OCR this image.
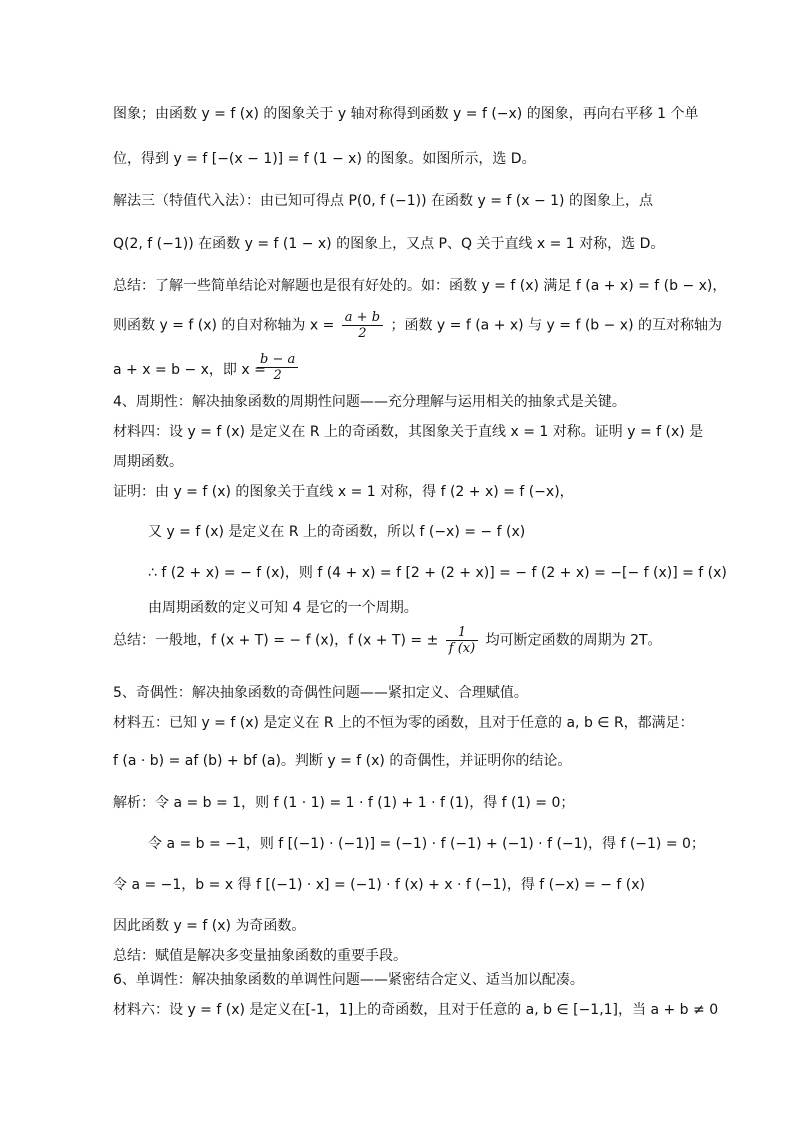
图象；由函数 y = f (x) 的图象关于 y 轴对称得到函数 y = f (−x) 的图象，再向右平移 1 个单
位，得到 y = f [−(x − 1)] = f (1 − x) 的图象。如图所示，选 D。
解法三（特值代入法）：由已知可得点 P(0, f (−1)) 在函数 y = f (x − 1) 的图象上，点
Q(2, f (−1)) 在函数 y = f (1 − x) 的图象上，又点 P、Q 关于直线 x = 1 对称，选 D。
总结：了解一些简单结论对解题也是很有好处的。如：函数 y = f (x) 满足 f (a + x) = f (b − x)，
a + x = b − x，即 x =
4、周期性：解决抽象函数的周期性问题——充分理解与运用相关的抽象式是关键。
材料四：设 y = f (x) 是定义在 R 上的奇函数，其图象关于直线 x = 1 对称。证明 y = f (x) 是
周期函数。
证明：由 y = f (x) 的图象关于直线 x = 1 对称，得 f (2 + x) = f (−x)，
又 y = f (x) 是定义在 R 上的奇函数，所以 f (−x) = − f (x)
∴ f (2 + x) = − f (x)，则 f (4 + x) = f [2 + (2 + x)] = − f (2 + x) = −[− f (x)] = f (x)
由周期函数的定义可知 4 是它的一个周期。
5、奇偶性：解决抽象函数的奇偶性问题——紧扣定义、合理赋值。
材料五：已知 y = f (x) 是定义在 R 上的不恒为零的函数，且对于任意的 a, b ∈ R，都满足：
f (a · b) = af (b) + bf (a)。判断 y = f (x) 的奇偶性，并证明你的结论。
解析：令 a = b = 1，则 f (1 · 1) = 1 · f (1) + 1 · f (1)，得 f (1) = 0；
令 a = b = −1，则 f [(−1) · (−1)] = (−1) · f (−1) + (−1) · f (−1)，得 f (−1) = 0；
令 a = −1，b = x 得 f [(−1) · x] = (−1) · f (x) + x · f (−1)，得 f (−x) = − f (x)
因此函数 y = f (x) 为奇函数。
总结：赋值是解决多变量抽象函数的重要手段。
6、单调性：解决抽象函数的单调性问题——紧密结合定义、适当加以配凑。
材料六：设 y = f (x) 是定义在[-1，1]上的奇函数，且对于任意的 a, b ∈ [−1,1]，当 a + b ≠ 0
则函数 y = f (x) 的自对称轴为 $x = \frac{a + b}{2}$ ；函数 y = f (a + x) 与 y = f (b − x) 的互对称轴为
$\frac{b - a}{2}$
总结：一般地，f (x + T) = − f (x)，f (x + T) = ± $\frac{1}{f (x)}$ 均可断定函数的周期为 2T。
